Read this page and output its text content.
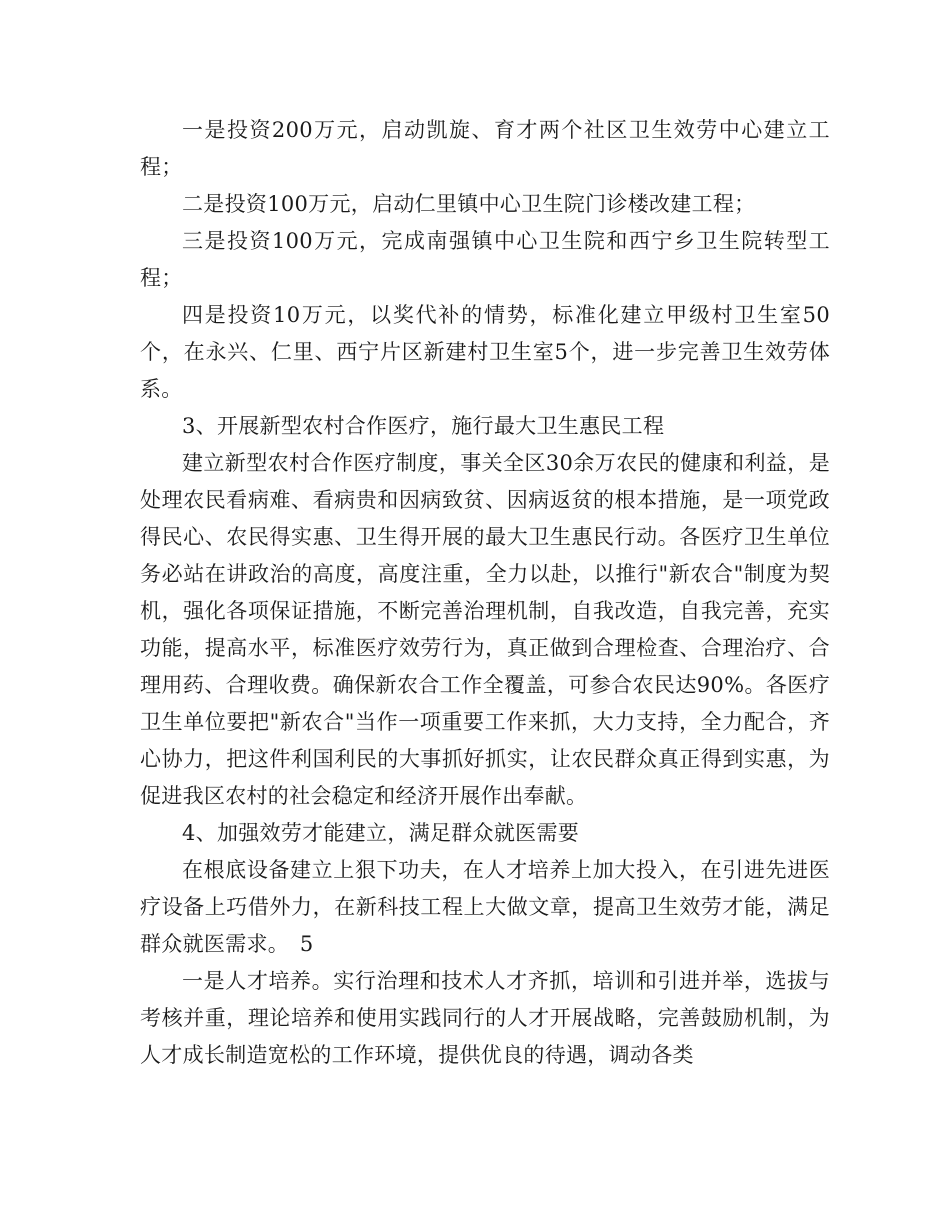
一是投资200万元，启动凯旋、育才两个社区卫生效劳中心建立工程；

二是投资100万元，启动仁里镇中心卫生院门诊楼改建工程；

三是投资100万元，完成南强镇中心卫生院和西宁乡卫生院转型工程；

四是投资10万元，以奖代补的情势，标准化建立甲级村卫生室50个，在永兴、仁里、西宁片区新建村卫生室5个，进一步完善卫生效劳体系。

3、开展新型农村合作医疗，施行最大卫生惠民工程

建立新型农村合作医疗制度，事关全区30余万农民的健康和利益，是处理农民看病难、看病贵和因病致贫、因病返贫的根本措施，是一项党政得民心、农民得实惠、卫生得开展的最大卫生惠民行动。各医疗卫生单位务必站在讲政治的高度，高度注重，全力以赴，以推行"新农合"制度为契机，强化各项保证措施，不断完善治理机制，自我改造，自我完善，充实功能，提高水平，标准医疗效劳行为，真正做到合理检查、合理治疗、合理用药、合理收费。确保新农合工作全覆盖，可参合农民达90%。各医疗卫生单位要把"新农合"当作一项重要工作来抓，大力支持，全力配合，齐心协力，把这件利国利民的大事抓好抓实，让农民群众真正得到实惠，为促进我区农村的社会稳定和经济开展作出奉献。

4、加强效劳才能建立，满足群众就医需要

在根底设备建立上狠下功夫，在人才培养上加大投入，在引进先进医疗设备上巧借外力，在新科技工程上大做文章，提高卫生效劳才能，满足群众就医需求。　5

一是人才培养。实行治理和技术人才齐抓，培训和引进并举，选拔与考核并重，理论培养和使用实践同行的人才开展战略，完善鼓励机制，为人才成长制造宽松的工作环境，提供优良的待遇，调动各类
